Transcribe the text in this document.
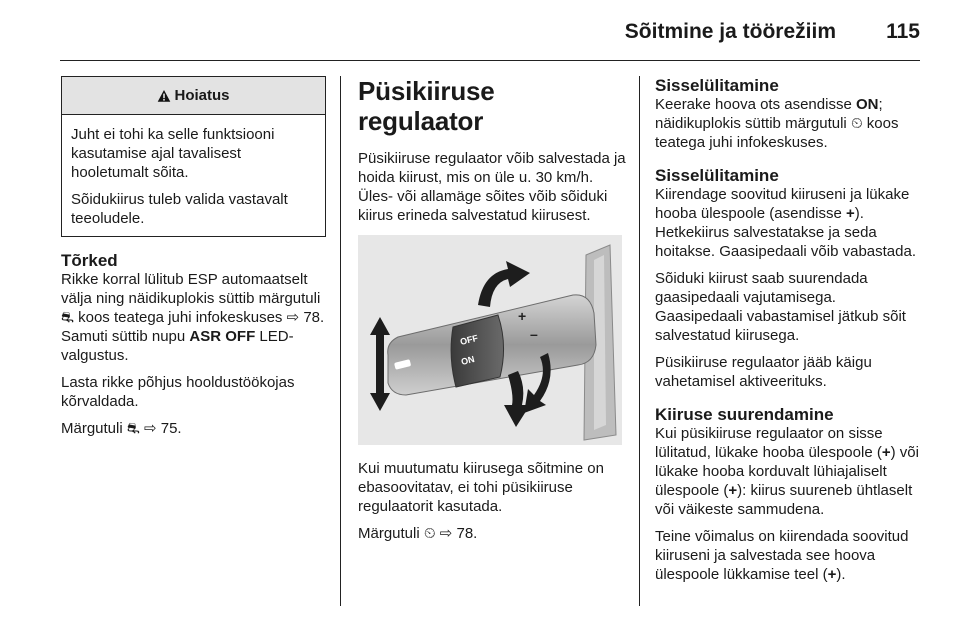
Sõitmine ja töörežiim 115
Hoiatus

Juht ei tohi ka selle funktsiooni kasutamise ajal tavalisest hooletumalt sõita.

Sõidukiirus tuleb valida vastavalt teeoludele.

Tõrked

Rikke korral lülitub ESP automaatselt välja ning näidikuplokis süttib märgutuli ⛐ koos teatega juhi infokeskuses ⇨ 78. Samuti süttib nupu ASR OFF LED-valgustus.

Lasta rikke põhjus hooldustöökojas kõrvaldada.

Märgutuli ⛐ ⇨ 75.

Püsikiiruse regulaator

Püsikiiruse regulaator võib salvestada ja hoida kiirust, mis on üle u. 30 km/h. Üles- või allamäge sõites võib sõiduki kiirus erineda salvestatud kiirusest.

OFF
ON
+
–

Kui muutumatu kiirusega sõitmine on ebasoovitatav, ei tohi püsikiiruse regulaatorit kasutada.

Märgutuli ⏲ ⇨ 78.

Sisselülitamine

Keerake hoova ots asendisse ON; näidikuplokis süttib märgutuli ⏲ koos teatega juhi infokeskuses.

Sisselülitamine

Kiirendage soovitud kiiruseni ja lükake hooba ülespoole (asendisse +). Hetkekiirus salvestatakse ja seda hoitakse. Gaasipedaali võib vabastada.

Sõiduki kiirust saab suurendada gaasipedaali vajutamisega. Gaasipedaali vabastamisel jätkub sõit salvestatud kiirusega.

Püsikiiruse regulaator jääb käigu vahetamisel aktiveerituks.

Kiiruse suurendamine

Kui püsikiiruse regulaator on sisse lülitatud, lükake hooba ülespoole (+) või lükake hooba korduvalt lühiajaliselt ülespoole (+): kiirus suureneb ühtlaselt või väikeste sammudena.

Teine võimalus on kiirendada soovitud kiiruseni ja salvestada see hoova ülespoole lükkamise teel (+).
